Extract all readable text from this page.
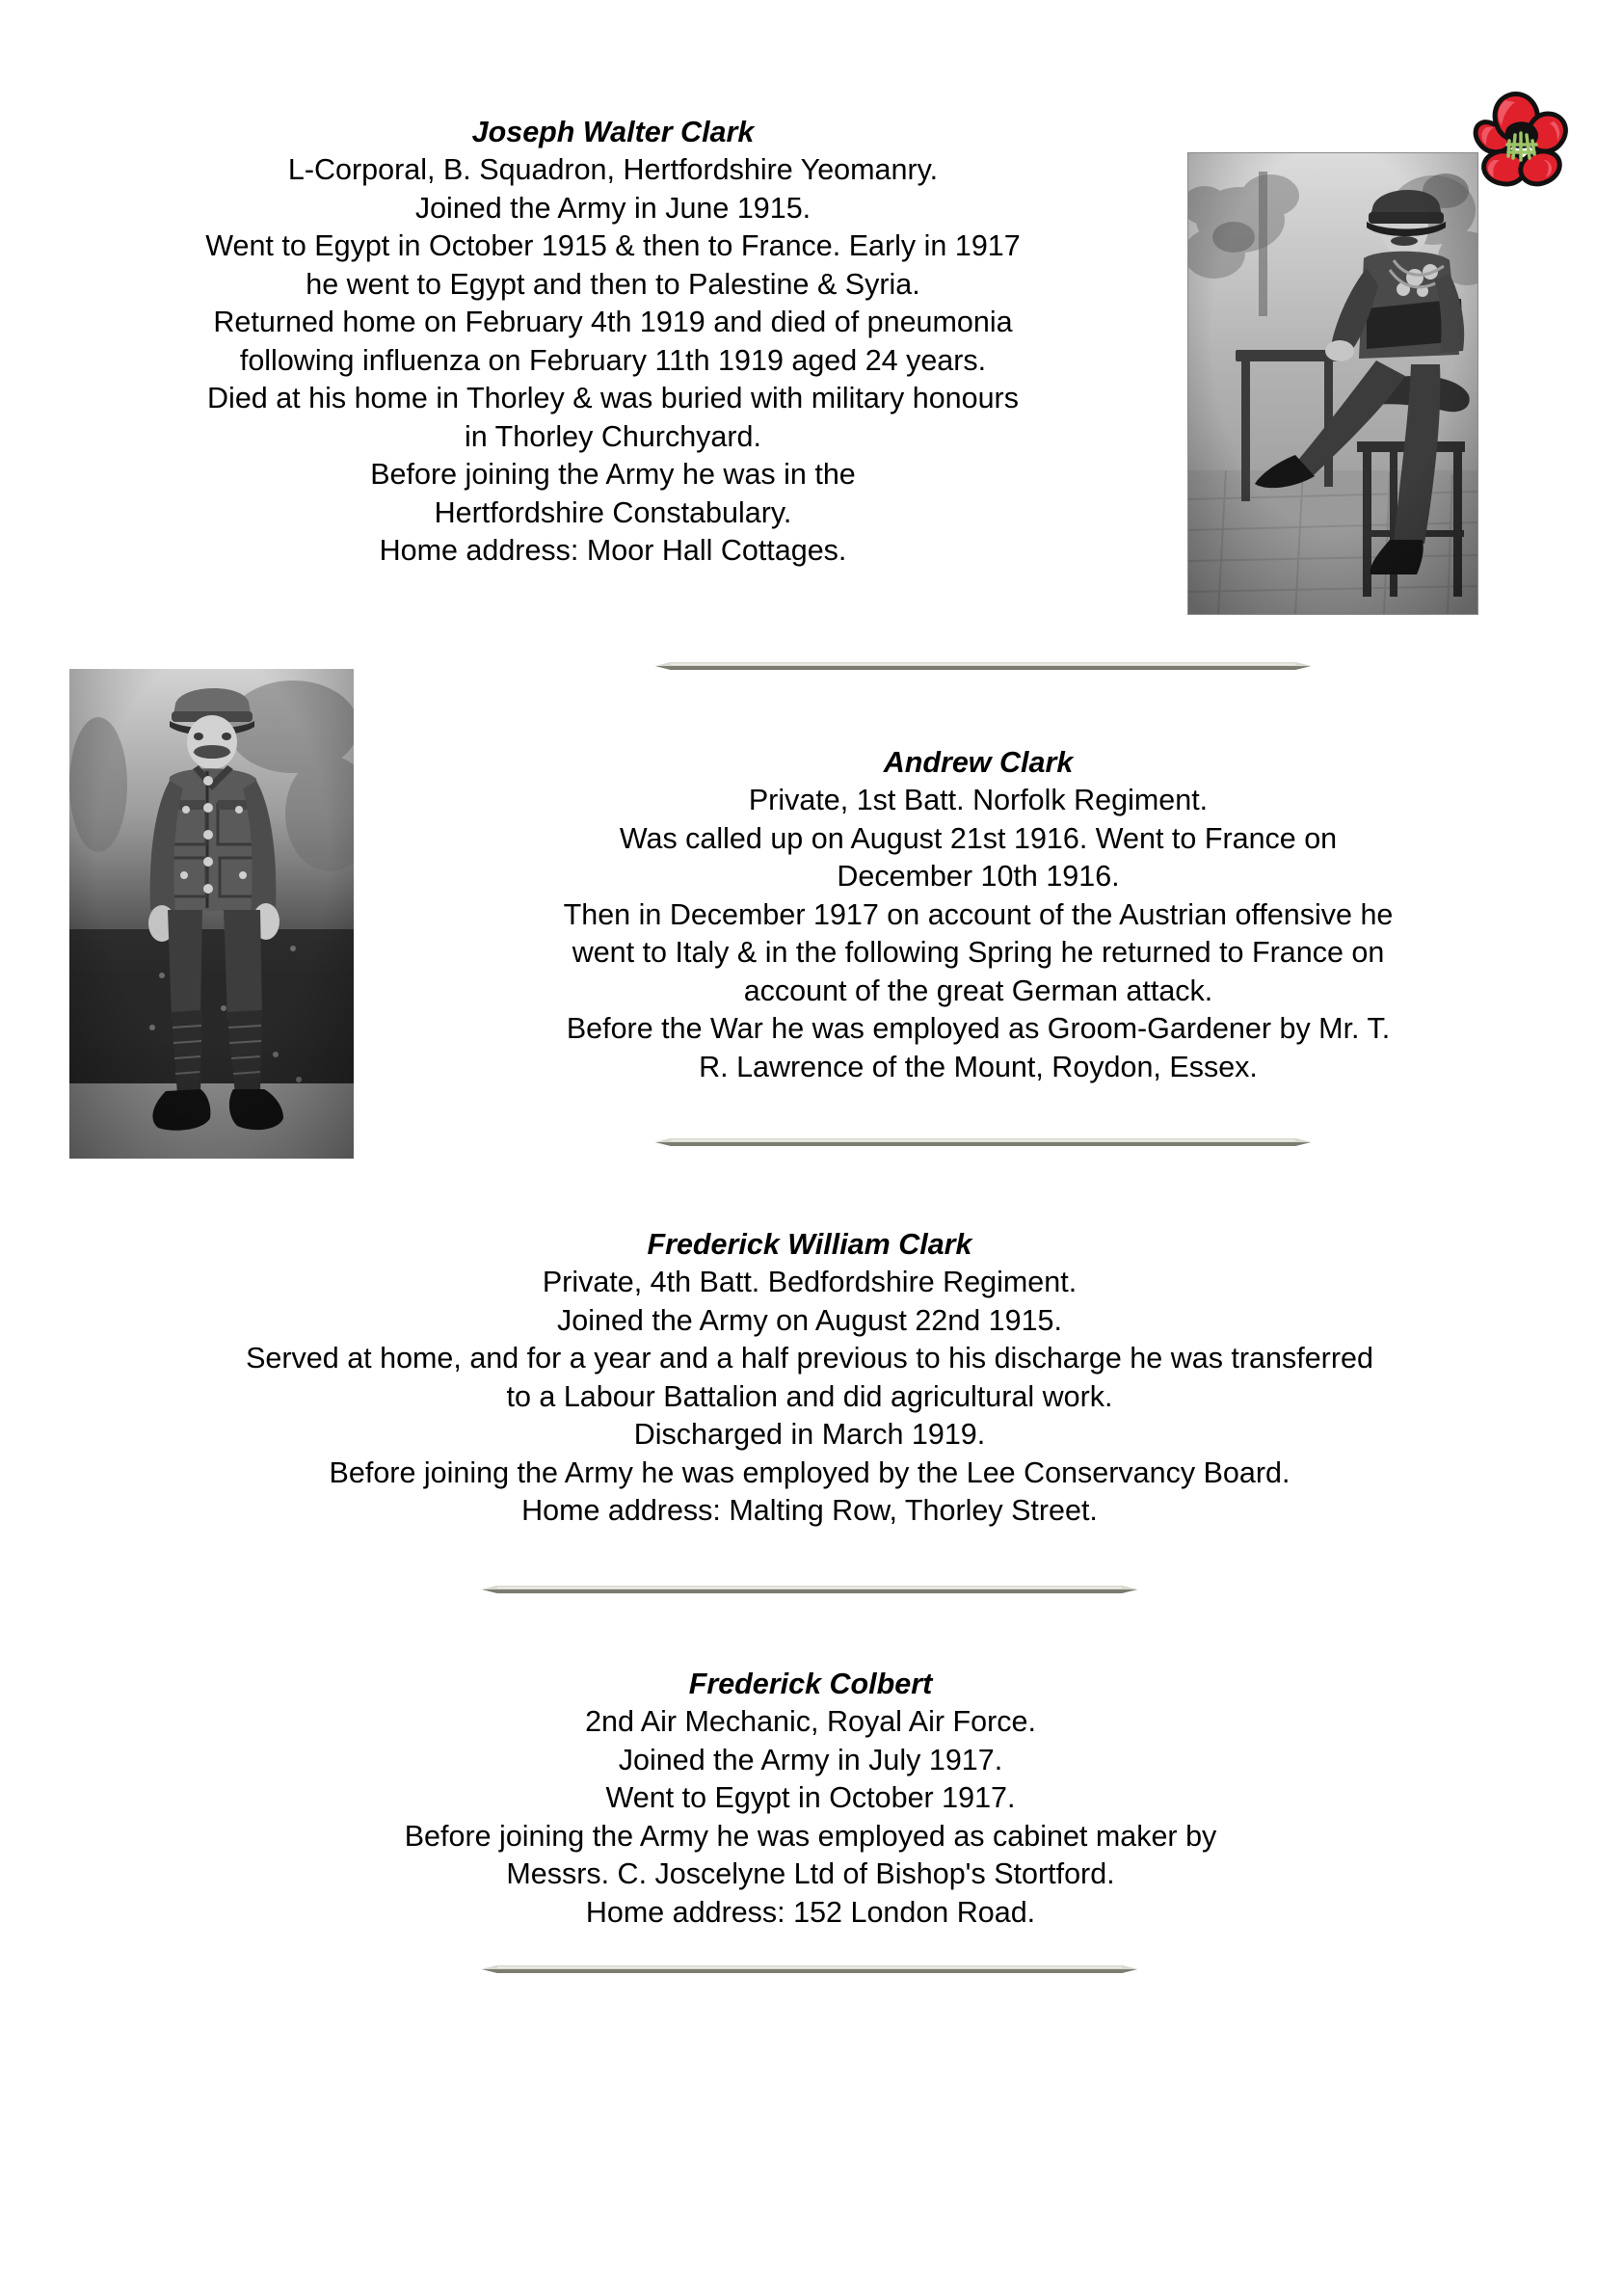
Joseph Walter Clark
L-Corporal, B. Squadron, Hertfordshire Yeomanry.
Joined the Army in June 1915.
Went to Egypt in October 1915 & then to France. Early in 1917
he went to Egypt and then to Palestine & Syria.
Returned home on February 4th 1919 and died of pneumonia
following influenza on February 11th 1919 aged 24 years.
Died at his home in Thorley & was buried with military honours
in Thorley Churchyard.
Before joining the Army he was in the
Hertfordshire Constabulary.
Home address: Moor Hall Cottages.
Andrew Clark
Private, 1st Batt. Norfolk Regiment.
Was called up on August 21st 1916. Went to France on
December 10th 1916.
Then in December 1917 on account of the Austrian offensive he
went to Italy & in the following Spring he returned to France on
account of the great German attack.
Before the War he was employed as Groom-Gardener by Mr. T.
R. Lawrence of the Mount, Roydon, Essex.
Frederick William Clark
Private, 4th Batt. Bedfordshire Regiment.
Joined the Army on August 22nd 1915.
Served at home, and for a year and a half previous to his discharge he was transferred
to a Labour Battalion and did agricultural work.
Discharged in March 1919.
Before joining the Army he was employed by the Lee Conservancy Board.
Home address: Malting Row, Thorley Street.
Frederick Colbert
2nd Air Mechanic, Royal Air Force.
Joined the Army in July 1917.
Went to Egypt in October 1917.
Before joining the Army he was employed as cabinet maker by
Messrs. C. Joscelyne Ltd of Bishop's Stortford.
Home address: 152 London Road.
